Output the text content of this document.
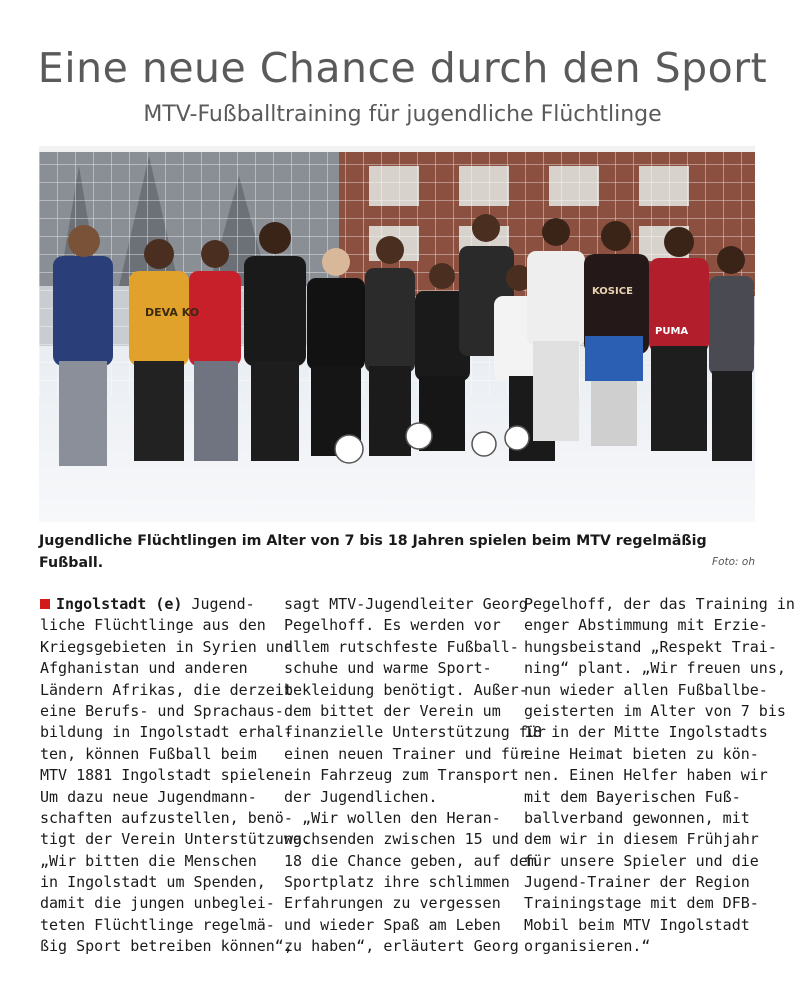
Eine neue Chance durch den Sport
MTV-Fußballtraining für jugendliche Flüchtlinge
DEVA KO
PUMA
KOSICE
Jugendliche Flüchtlingen im Alter von 7 bis 18 Jahren spielen beim MTV regelmäßig Fußball.	Foto: oh
Ingolstadt (e) Jugend-
liche Flüchtlinge aus den
Kriegsgebieten in Syrien und
Afghanistan und anderen
Ländern Afrikas, die derzeit
eine Berufs- und Sprachaus-
bildung in Ingolstadt erhal-
ten, können Fußball beim
MTV 1881 Ingolstadt spielen.
Um dazu neue Jugendmann-
schaften aufzustellen, benö-
tigt der Verein Unterstützung.
„Wir bitten die Menschen
in Ingolstadt um Spenden,
damit die jungen unbeglei-
teten Flüchtlinge regelmä-
ßig Sport betreiben können“,
sagt MTV-Jugendleiter Georg
Pegelhoff. Es werden vor
allem rutschfeste Fußball-
schuhe und warme Sport-
bekleidung benötigt. Außer-
dem bittet der Verein um
finanzielle Unterstützung für
einen neuen Trainer und für
ein Fahrzeug zum Transport
der Jugendlichen.
„Wir wollen den Heran-
wachsenden zwischen 15 und
18 die Chance geben, auf dem
Sportplatz ihre schlimmen
Erfahrungen zu vergessen
und wieder Spaß am Leben
zu haben“, erläutert Georg
Pegelhoff, der das Training in
enger Abstimmung mit Erzie-
hungsbeistand „Respekt Trai-
ning“ plant. „Wir freuen uns,
nun wieder allen Fußballbe-
geisterten im Alter von 7 bis
18 in der Mitte Ingolstadts
eine Heimat bieten zu kön-
nen. Einen Helfer haben wir
mit dem Bayerischen Fuß-
ballverband gewonnen, mit
dem wir in diesem Frühjahr
für unsere Spieler und die
Jugend-Trainer der Region
Trainingstage mit dem DFB-
Mobil beim MTV Ingolstadt
organisieren.“
